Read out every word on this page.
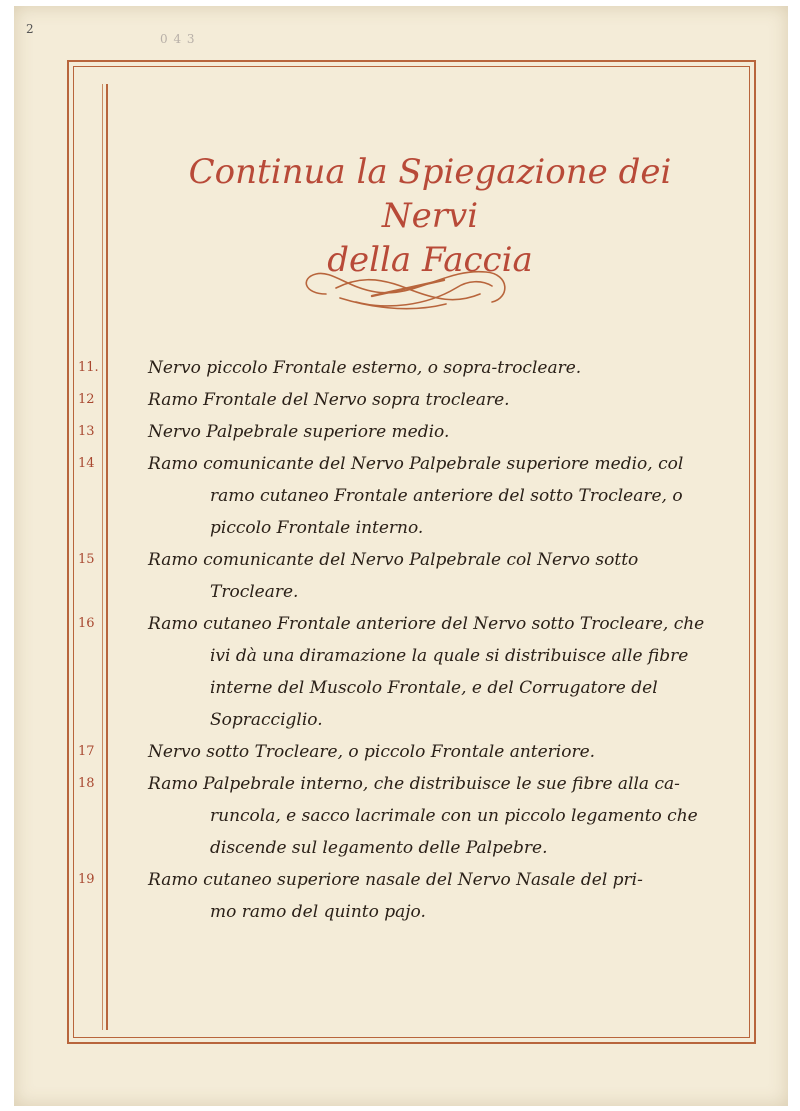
2
0 4 3
Continua la Spiegazione dei Nervi
della Faccia
11.	Nervo piccolo Frontale esterno, o sopra-trocleare.
12	Ramo Frontale del Nervo sopra trocleare.
13	Nervo Palpebrale superiore medio.
14	Ramo comunicante del Nervo Palpebrale superiore medio, col
ramo cutaneo Frontale anteriore del sotto Trocleare, o piccolo Frontale interno.
15	Ramo comunicante del Nervo Palpebrale col Nervo sotto
Trocleare.
16	Ramo cutaneo Frontale anteriore del Nervo sotto Trocleare, che
ivi dà una diramazione la quale si distribuisce alle fibre interne del Muscolo Frontale, e del Corrugatore del Sopracciglio.
17	Nervo sotto Trocleare, o piccolo Frontale anteriore.
18	Ramo Palpebrale interno, che distribuisce le sue fibre alla ca-
runcola, e sacco lacrimale con un piccolo legamento che discende sul legamento delle Palpebre.
19	Ramo cutaneo superiore nasale del Nervo Nasale del pri-
mo ramo del quinto pajo.
